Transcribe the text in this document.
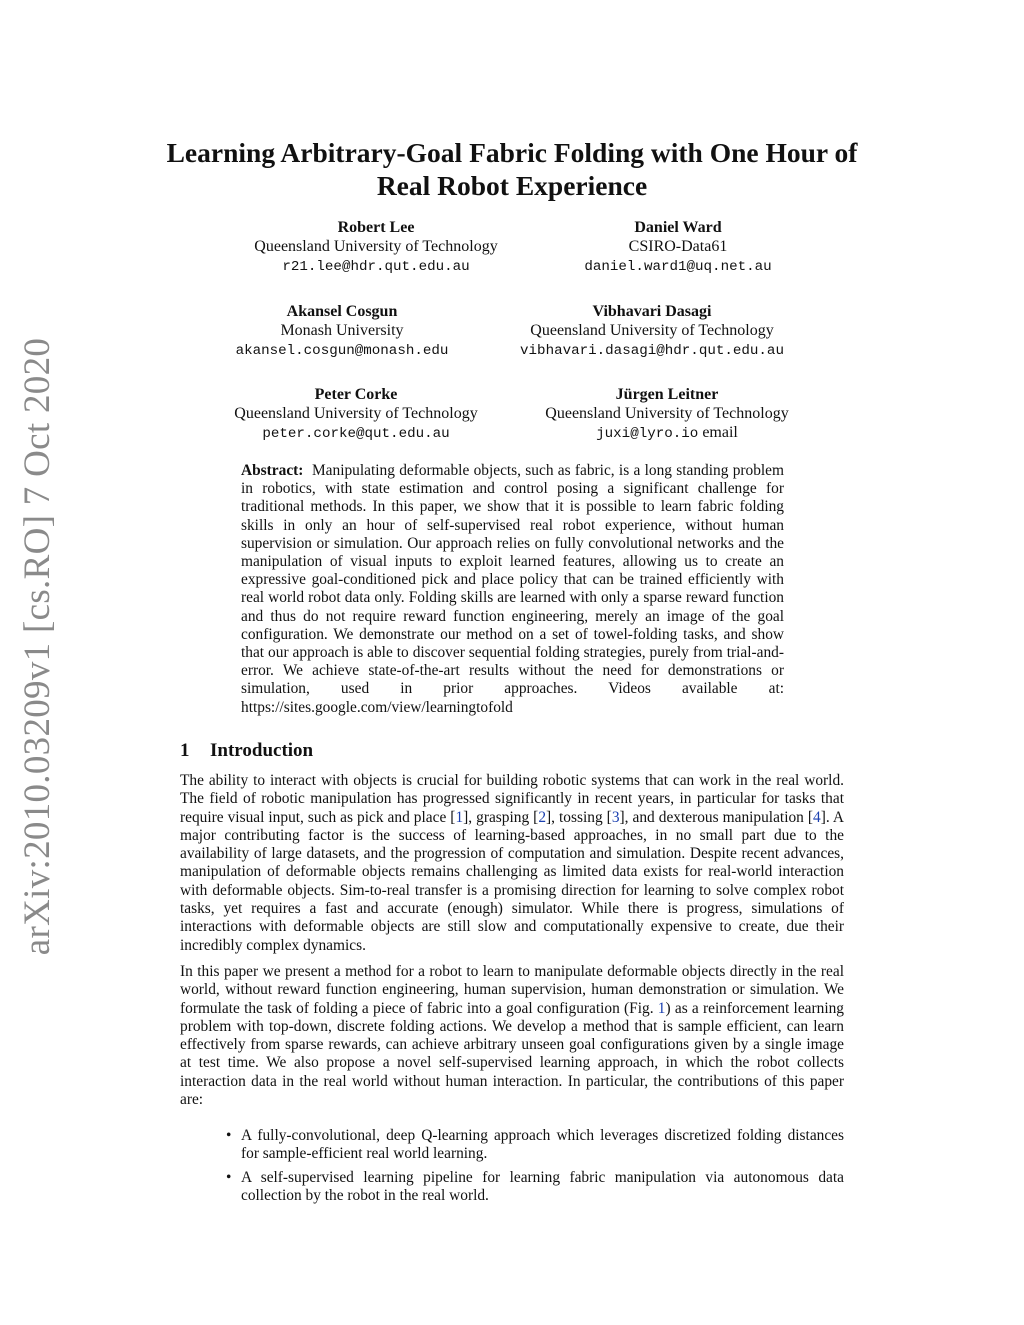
arXiv:2010.03209v1 [cs.RO] 7 Oct 2020
Learning Arbitrary-Goal Fabric Folding with One Hour of Real Robot Experience
Robert Lee
Queensland University of Technology
r21.lee@hdr.qut.edu.au
Daniel Ward
CSIRO-Data61
daniel.ward1@uq.net.au
Akansel Cosgun
Monash University
akansel.cosgun@monash.edu
Vibhavari Dasagi
Queensland University of Technology
vibhavari.dasagi@hdr.qut.edu.au
Peter Corke
Queensland University of Technology
peter.corke@qut.edu.au
Jürgen Leitner
Queensland University of Technology
juxi@lyro.io email
Abstract: Manipulating deformable objects, such as fabric, is a long standing problem in robotics, with state estimation and control posing a significant challenge for traditional methods. In this paper, we show that it is possible to learn fabric folding skills in only an hour of self-supervised real robot experience, without human supervision or simulation. Our approach relies on fully convolutional networks and the manipulation of visual inputs to exploit learned features, allowing us to create an expressive goal-conditioned pick and place policy that can be trained efficiently with real world robot data only. Folding skills are learned with only a sparse reward function and thus do not require reward function engineering, merely an image of the goal configuration. We demonstrate our method on a set of towel-folding tasks, and show that our approach is able to discover sequential folding strategies, purely from trial-and-error. We achieve state-of-the-art results without the need for demonstrations or simulation, used in prior approaches. Videos available at: https://sites.google.com/view/learningtofold
1 Introduction
The ability to interact with objects is crucial for building robotic systems that can work in the real world. The field of robotic manipulation has progressed significantly in recent years, in particular for tasks that require visual input, such as pick and place [1], grasping [2], tossing [3], and dexterous manipulation [4]. A major contributing factor is the success of learning-based approaches, in no small part due to the availability of large datasets, and the progression of computation and simulation. Despite recent advances, manipulation of deformable objects remains challenging as limited data exists for real-world interaction with deformable objects. Sim-to-real transfer is a promising direction for learning to solve complex robot tasks, yet requires a fast and accurate (enough) simulator. While there is progress, simulations of interactions with deformable objects are still slow and computationally expensive to create, due their incredibly complex dynamics.
In this paper we present a method for a robot to learn to manipulate deformable objects directly in the real world, without reward function engineering, human supervision, human demonstration or simulation. We formulate the task of folding a piece of fabric into a goal configuration (Fig. 1) as a reinforcement learning problem with top-down, discrete folding actions. We develop a method that is sample efficient, can learn effectively from sparse rewards, can achieve arbitrary unseen goal configurations given by a single image at test time. We also propose a novel self-supervised learning approach, in which the robot collects interaction data in the real world without human interaction. In particular, the contributions of this paper are:
• A fully-convolutional, deep Q-learning approach which leverages discretized folding distances for sample-efficient real world learning.
• A self-supervised learning pipeline for learning fabric manipulation via autonomous data collection by the robot in the real world.
